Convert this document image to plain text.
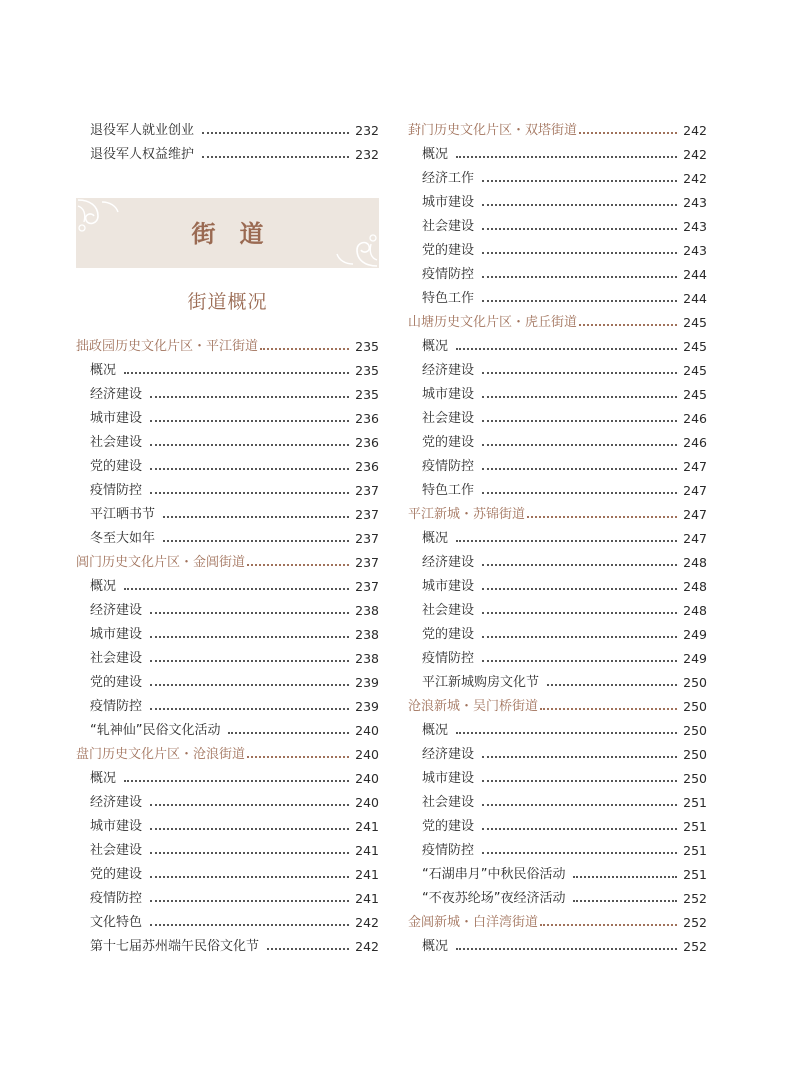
退役军人就业创业	232
退役军人权益维护	232
街道
街道概况
拙政园历史文化片区・平江街道	235
概况	235
经济建设	235
城市建设	236
社会建设	236
党的建设	236
疫情防控	237
平江晒书节	237
冬至大如年	237
阊门历史文化片区・金阊街道	237
概况	237
经济建设	238
城市建设	238
社会建设	238
党的建设	239
疫情防控	239
“轧神仙”民俗文化活动	240
盘门历史文化片区・沧浪街道	240
概况	240
经济建设	240
城市建设	241
社会建设	241
党的建设	241
疫情防控	241
文化特色	242
第十七届苏州端午民俗文化节	242
葑门历史文化片区・双塔街道	242
概况	242
经济工作	242
城市建设	243
社会建设	243
党的建设	243
疫情防控	244
特色工作	244
山塘历史文化片区・虎丘街道	245
概况	245
经济建设	245
城市建设	245
社会建设	246
党的建设	246
疫情防控	247
特色工作	247
平江新城・苏锦街道	247
概况	247
经济建设	248
城市建设	248
社会建设	248
党的建设	249
疫情防控	249
平江新城购房文化节	250
沧浪新城・吴门桥街道	250
概况	250
经济建设	250
城市建设	250
社会建设	251
党的建设	251
疫情防控	251
“石湖串月”中秋民俗活动	251
“不夜苏纶场”夜经济活动	252
金阊新城・白洋湾街道	252
概况	252
